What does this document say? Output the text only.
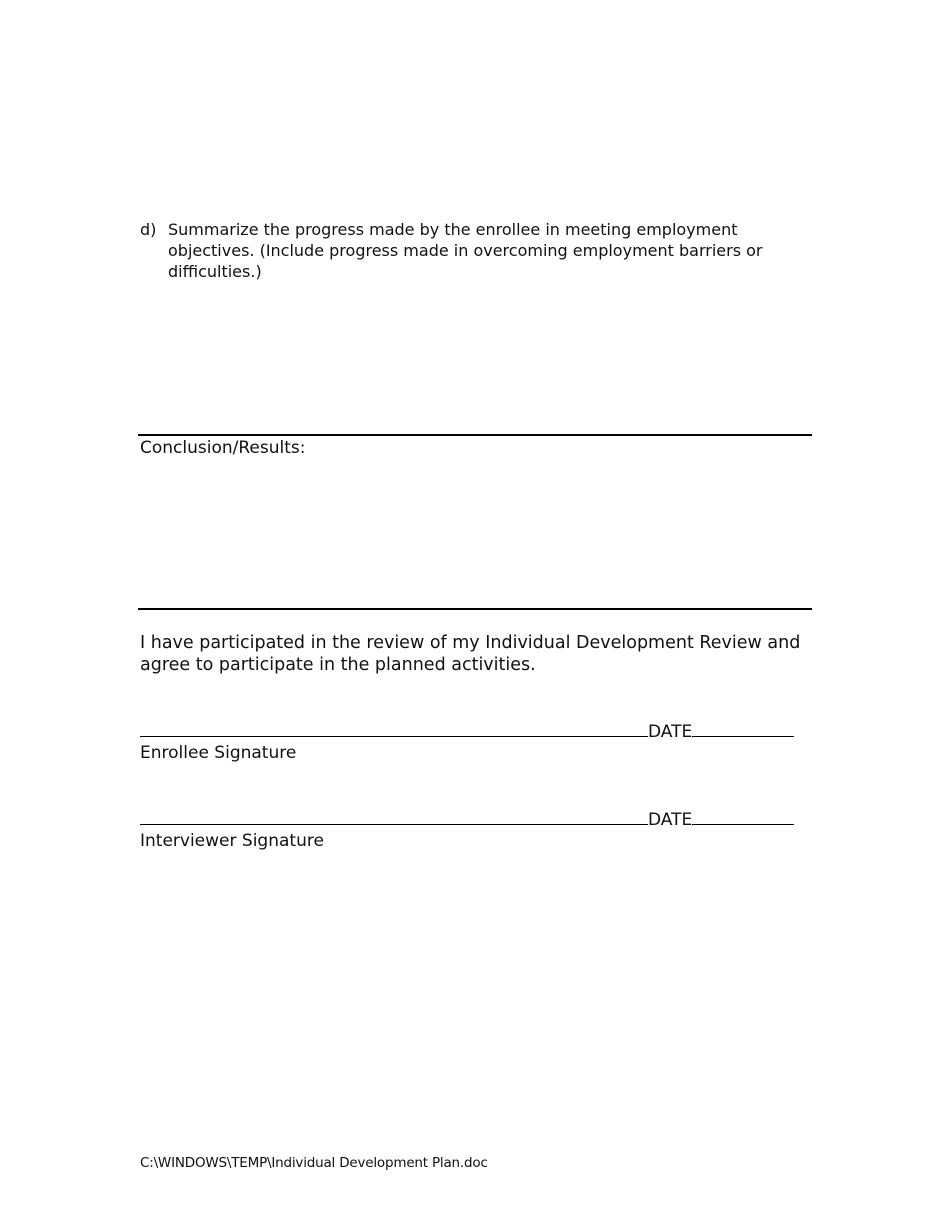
d) Summarize the progress made by the enrollee in meeting employment objectives. (Include progress made in overcoming employment barriers or difficulties.)
Conclusion/Results:
I have participated in the review of my Individual Development Review and agree to participate in the planned activities.
DATE
Enrollee Signature
DATE
Interviewer Signature
C:\WINDOWS\TEMP\Individual Development Plan.doc
